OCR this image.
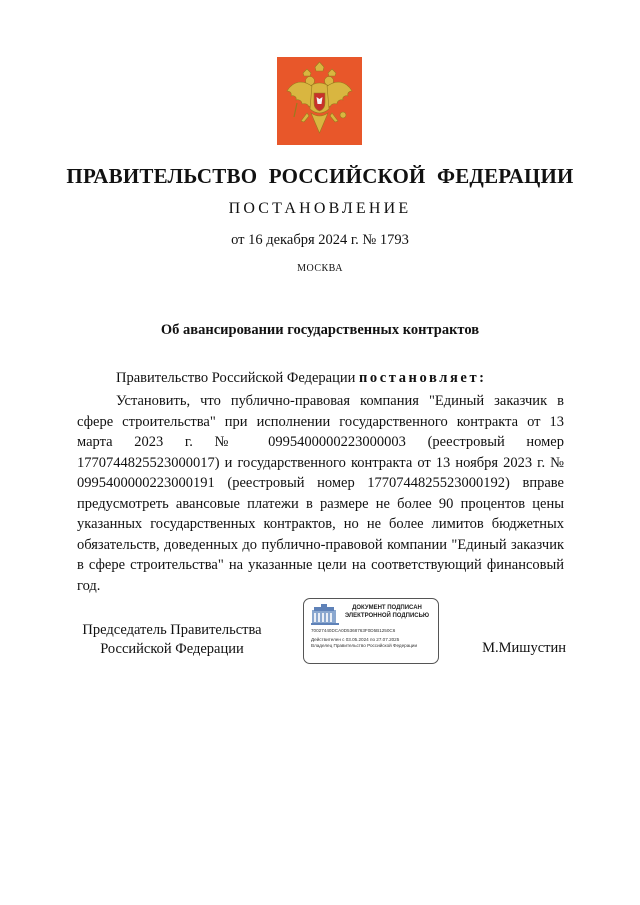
ПРАВИТЕЛЬСТВО РОССИЙСКОЙ ФЕДЕРАЦИИ
ПОСТАНОВЛЕНИЕ
от 16 декабря 2024 г. № 1793
МОСКВА
Об авансировании государственных контрактов

Правительство Российской Федерации постановляет:

Установить, что публично-правовая компания "Единый заказчик в сфере строительства" при исполнении государственного контракта от 13 марта 2023 г. № 0995400000223000003 (реестровый номер 1770744825523000017) и государственного контракта от 13 ноября 2023 г. № 0995400000223000191 (реестровый номер 1770744825523000192) вправе предусмотреть авансовые платежи в размере не более 90 процентов цены указанных государственных контрактов, но не более лимитов бюджетных обязательств, доведенных до публично-правовой компании "Единый заказчик в сфере строительства" на указанные цели на соответствующий финансовый год.

Председатель Правительства
Российской Федерации
ДОКУМЕНТ ПОДПИСАН
ЭЛЕКТРОННОЙ ПОДПИСЬЮ
70027440DCA0D5368763F0D5B1250C6
Действителен с 03.05.2024 по 27.07.2025
Владелец Правительство Российской Федерации	М.Мишустин
